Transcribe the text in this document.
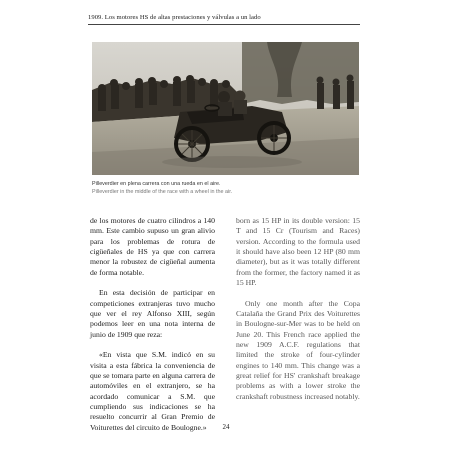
1909. Los motores HS de altas prestaciones y válvulas a un lado
Pilleverdier en plena carrera con una rueda en el aire.
Pilleverdier in the middle of the race with a wheel in the air.

de los motores de cuatro cilindros a 140 mm. Este cambio supuso un gran alivio para los problemas de rotura de cigüeñales de HS ya que con carrera menor la robustez de cigüeñal aumenta de forma notable.

En esta decisión de participar en competiciones extranjeras tuvo mucho que ver el rey Alfonso XIII, según podemos leer en una nota interna de junio de 1909 que reza:

«En vista que S.M. indicó en su visita a esta fábrica la conveniencia de que se tomara parte en alguna carrera de automóviles en el extranjero, se ha acordado comunicar a S.M. que cumpliendo sus indicaciones se ha resuelto concurrir al Gran Premio de Voiturettes del circuito de Boulogne.»

born as 15 HP in its double version: 15 T and 15 Cr (Tourism and Races) version. According to the formula used it should have also been 12 HP (80 mm diameter), but as it was totally different from the former, the factory named it as 15 HP.

Only one month after the Copa Catalaña the Grand Prix des Voiturettes in Boulogne-sur-Mer was to be held on June 20. This French race applied the new 1909 A.C.F. regulations that limited the stroke of four-cylinder engines to 140 mm. This change was a great relief for HS' crankshaft breakage problems as with a lower stroke the crankshaft robustness increased notably.

24
